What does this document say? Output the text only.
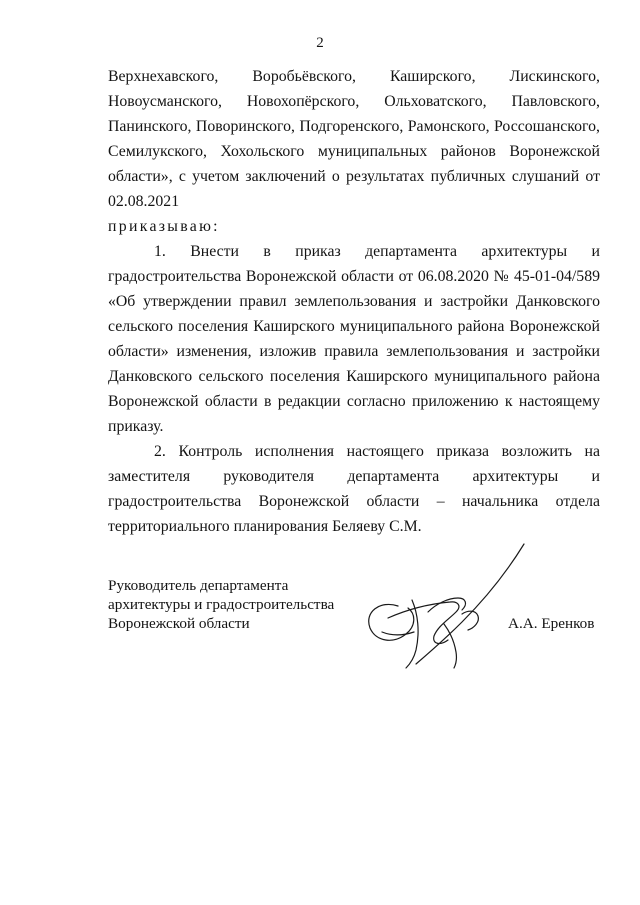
2

Верхнехавского, Воробьёвского, Каширского, Лискинского,

Новоусманского, Новохопёрского, Ольховатского, Павловского,

Панинского, Поворинского, Подгоренского, Рамонского, Россошанского,

Семилукского, Хохольского муниципальных районов Воронежской

области», с учетом заключений о результатах публичных слушаний от

02.08.2021

приказываю:

1. Внести в приказ департамента архитектуры и

градостроительства Воронежской области от 06.08.2020 № 45-01-04/589

«Об утверждении правил землепользования и застройки Данковского

сельского поселения Каширского муниципального района Воронежской

области» изменения, изложив правила землепользования и застройки

Данковского сельского поселения Каширского муниципального района

Воронежской области в редакции согласно приложению к настоящему

приказу.

2. Контроль исполнения настоящего приказа возложить на

заместителя руководителя департамента архитектуры и

градостроительства Воронежской области – начальника отдела

территориального планирования Беляеву С.М.

Руководитель департамента
архитектуры и градостроительства
Воронежской области	А.А. Еренков
